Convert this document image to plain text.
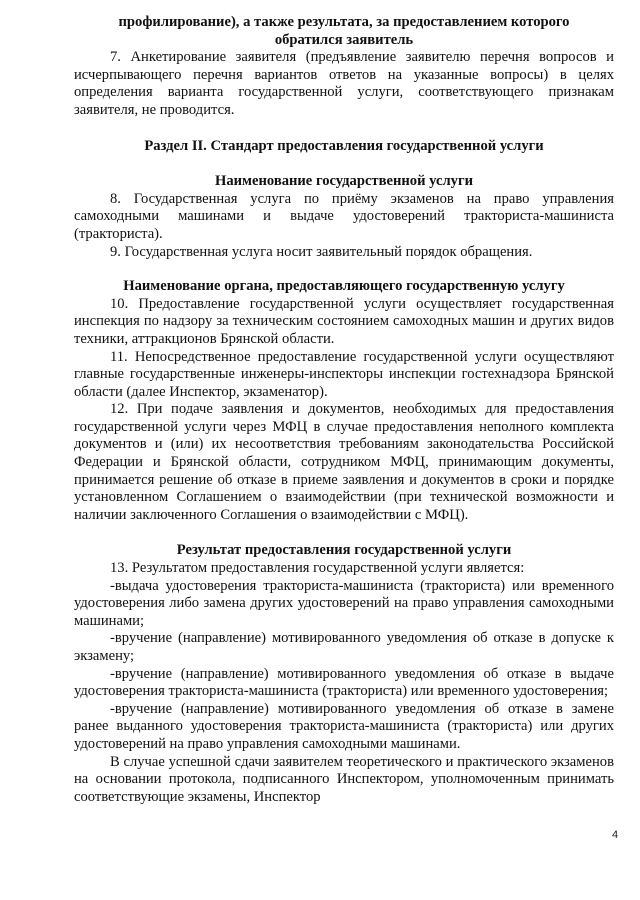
профилирование), а также результата, за предоставлением которого

обратился заявитель

7. Анкетирование заявителя (предъявление заявителю перечня вопросов и исчерпывающего перечня вариантов ответов на указанные вопросы) в целях определения варианта государственной услуги, соответствующего признакам заявителя, не проводится.

Раздел II. Стандарт предоставления государственной услуги

Наименование государственной услуги

8. Государственная услуга по приёму экзаменов на право управления самоходными машинами и выдаче удостоверений тракториста-машиниста (тракториста).

9. Государственная услуга носит заявительный порядок обращения.

Наименование органа, предоставляющего государственную услугу

10. Предоставление государственной услуги осуществляет государственная инспекция по надзору за техническим состоянием самоходных машин и других видов техники, аттракционов Брянской области.

11. Непосредственное предоставление государственной услуги осуществляют главные государственные инженеры-инспекторы инспекции гостехнадзора Брянской области (далее Инспектор, экзаменатор).

12. При подаче заявления и документов, необходимых для предоставления государственной услуги через МФЦ в случае предоставления неполного комплекта документов и (или) их несоответствия требованиям законодательства Российской Федерации и Брянской области, сотрудником МФЦ, принимающим документы, принимается решение об отказе в приеме заявления и документов в сроки и порядке установленном Соглашением о взаимодействии (при технической возможности и наличии заключенного Соглашения о взаимодействии с МФЦ).

Результат предоставления государственной услуги

13. Результатом предоставления государственной услуги является:

-выдача удостоверения тракториста-машиниста (тракториста) или временного удостоверения либо замена других удостоверений на право управления самоходными машинами;

-вручение (направление) мотивированного уведомления об отказе в допуске к экзамену;

-вручение (направление) мотивированного уведомления об отказе в выдаче удостоверения тракториста-машиниста (тракториста) или временного удостоверения;

-вручение (направление) мотивированного уведомления об отказе в замене ранее выданного удостоверения тракториста-машиниста (тракториста) или других удостоверений на право управления самоходными машинами.

В случае успешной сдачи заявителем теоретического и практического экзаменов на основании протокола, подписанного Инспектором, уполномоченным принимать соответствующие экзамены, Инспектор

4
